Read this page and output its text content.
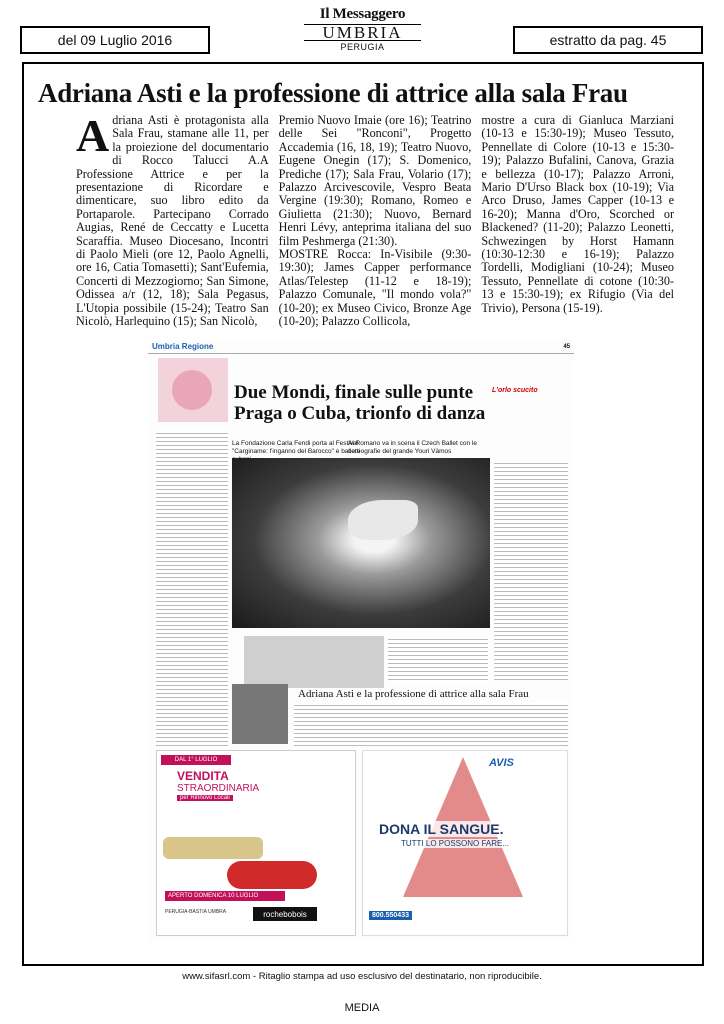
del 09 Luglio 2016
Il Messaggero
UMBRIA
PERUGIA	estratto da pag. 45
Adriana Asti e la professione di attrice alla sala Frau
Adriana Asti è protagonista alla Sala Frau, stamane alle 11, per la proiezione del documentario di Rocco Talucci A.A Professione Attrice e per la presentazione di Ricordare e dimenticare, suo libro edito da Portaparole. Partecipano Corrado Augias, René de Ceccatty e Lucetta Scaraffia. Museo Diocesano, Incontri di Paolo Mieli (ore 12, Paolo Agnelli, ore 16, Catia Tomasetti); Sant'Eufemia, Concerti di Mezzogiorno; San Simone, Odissea a/r (12, 18); Sala Pegasus, L'Utopia possibile (15-24); Teatro San Nicolò, Harlequino (15); San Nicolò,
Premio Nuovo Imaie (ore 16); Teatrino delle Sei "Ronconi", Progetto Accademia (16, 18, 19); Teatro Nuovo, Eugene Onegin (17); S. Domenico, Prediche (17); Sala Frau, Volario (17); Palazzo Arcivescovile, Vespro Beata Vergine (19:30); Romano, Romeo e Giulietta (21:30); Nuovo, Bernard Henri Lévy, anteprima italiana del suo film Peshmerga (21:30).
MOSTRE Rocca: In-Visibile (9:30-19:30); James Capper performance Atlas/Telestep (11-12 e 18-19); Palazzo Comunale, "Il mondo vola?" (10-20); ex Museo Civico, Bronze Age (10-20); Palazzo Collicola,
mostre a cura di Gianluca Marziani (10-13 e 15:30-19); Museo Tessuto, Pennellate di Colore (10-13 e 15:30-19); Palazzo Bufalini, Canova, Grazia e bellezza (10-17); Palazzo Arroni, Mario D'Urso Black box (10-19); Via Arco Druso, James Capper (10-13 e 16-20); Manna d'Oro, Scorched or Blackened? (11-20); Palazzo Leonetti, Schwezingen by Horst Hamann (10:30-12:30 e 16-19); Palazzo Tordelli, Modigliani (10-24); Museo Tessuto, Pennellate di cotone (10:30-13 e 15:30-19); ex Rifugio (Via del Trivio), Persona (15-19).
Umbria Regione	45
Due Mondi, finale sulle punte Praga o Cuba, trionfo di danza
La Fondazione Carla Fendi porta al Festival "Carginame: l'inganno del Barocco" e balletti
Al Romano va in scena il Czech Ballet con le coreografie del grande Youri Vàmos
L'orlo scucito
Adriana Asti e la professione di attrice alla sala Frau
DAL 1° LUGLIO
VENDITA
STRAORDINARIA
per Rinnovo Locali
APERTO DOMENICA 10 LUGLIO
PERUGIA-BASTIA UMBRA	rochebobois
AVIS
DONA IL SANGUE.
TUTTI LO POSSONO FARE...
800.550433
www.sifasrl.com - Ritaglio stampa ad uso esclusivo del destinatario, non riproducibile.
MEDIA
